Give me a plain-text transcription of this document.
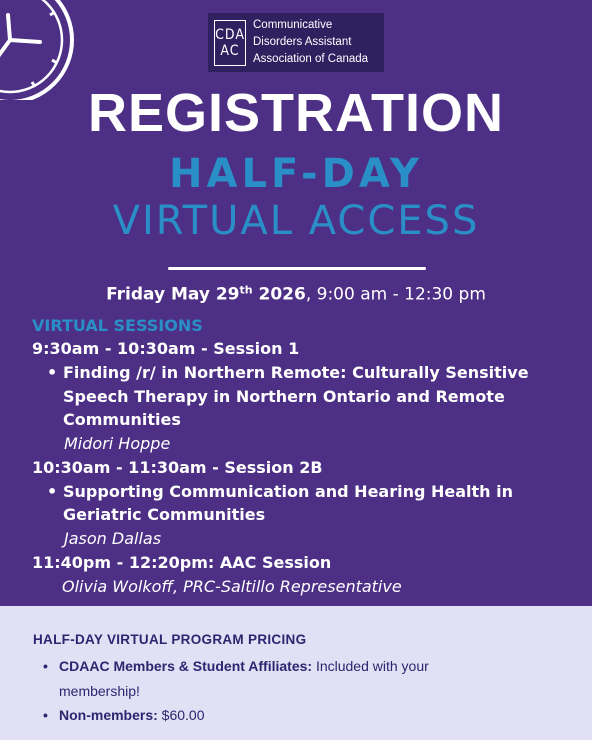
CDA
AC
Communicative
Disorders Assistant
Association of Canada
REGISTRATION
HALF-DAY
VIRTUAL ACCESS
Friday May 29th 2026, 9:00 am - 12:30 pm
VIRTUAL SESSIONS
9:30am - 10:30am - Session 1
• Finding /r/ in Northern Remote: Culturally Sensitive Speech Therapy in Northern Ontario and Remote Communities
Midori Hoppe
10:30am - 11:30am - Session 2B
• Supporting Communication and Hearing Health in Geriatric Communities
Jason Dallas
11:40pm - 12:20pm: AAC Session
Olivia Wolkoff, PRC-Saltillo Representative
HALF-DAY VIRTUAL PROGRAM PRICING
• CDAAC Members & Student Affiliates: Included with your membership!
• Non-members: $60.00
